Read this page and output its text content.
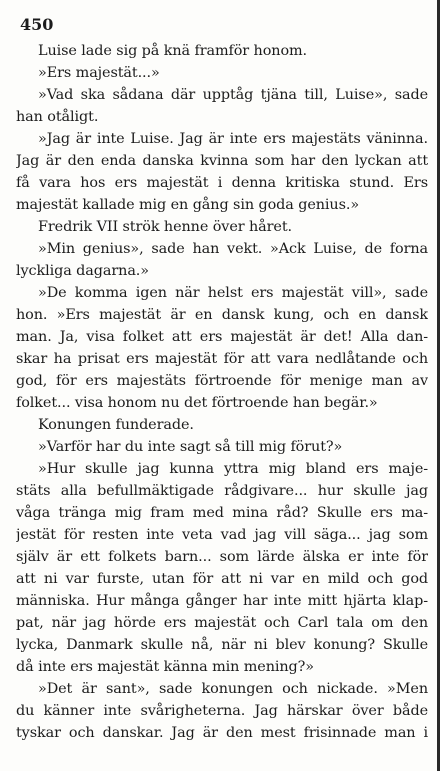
450
Luise lade sig på knä framför honom.
»Ers majestät...»
»Vad ska sådana där upptåg tjäna till, Luise», sade
han otåligt.
»Jag är inte Luise. Jag är inte ers majestäts väninna.
Jag är den enda danska kvinna som har den lyckan att
få vara hos ers majestät i denna kritiska stund. Ers
majestät kallade mig en gång sin goda genius.»
Fredrik VII strök henne över håret.
»Min genius», sade han vekt. »Ack Luise, de forna
lyckliga dagarna.»
»De komma igen när helst ers majestät vill», sade
hon. »Ers majestät är en dansk kung, och en dansk
man. Ja, visa folket att ers majestät är det! Alla dan-
skar ha prisat ers majestät för att vara nedlåtande och
god, för ers majestäts förtroende för menige man av
folket... visa honom nu det förtroende han begär.»
Konungen funderade.
»Varför har du inte sagt så till mig förut?»
»Hur skulle jag kunna yttra mig bland ers maje-
stäts alla befullmäktigade rådgivare... hur skulle jag
våga tränga mig fram med mina råd? Skulle ers ma-
jestät för resten inte veta vad jag vill säga... jag som
själv är ett folkets barn... som lärde älska er inte för
att ni var furste, utan för att ni var en mild och god
människa. Hur många gånger har inte mitt hjärta klap-
pat, när jag hörde ers majestät och Carl tala om den
lycka, Danmark skulle nå, när ni blev konung? Skulle
då inte ers majestät känna min mening?»
»Det är sant», sade konungen och nickade. »Men
du känner inte svårigheterna. Jag härskar över både
tyskar och danskar. Jag är den mest frisinnade man i
